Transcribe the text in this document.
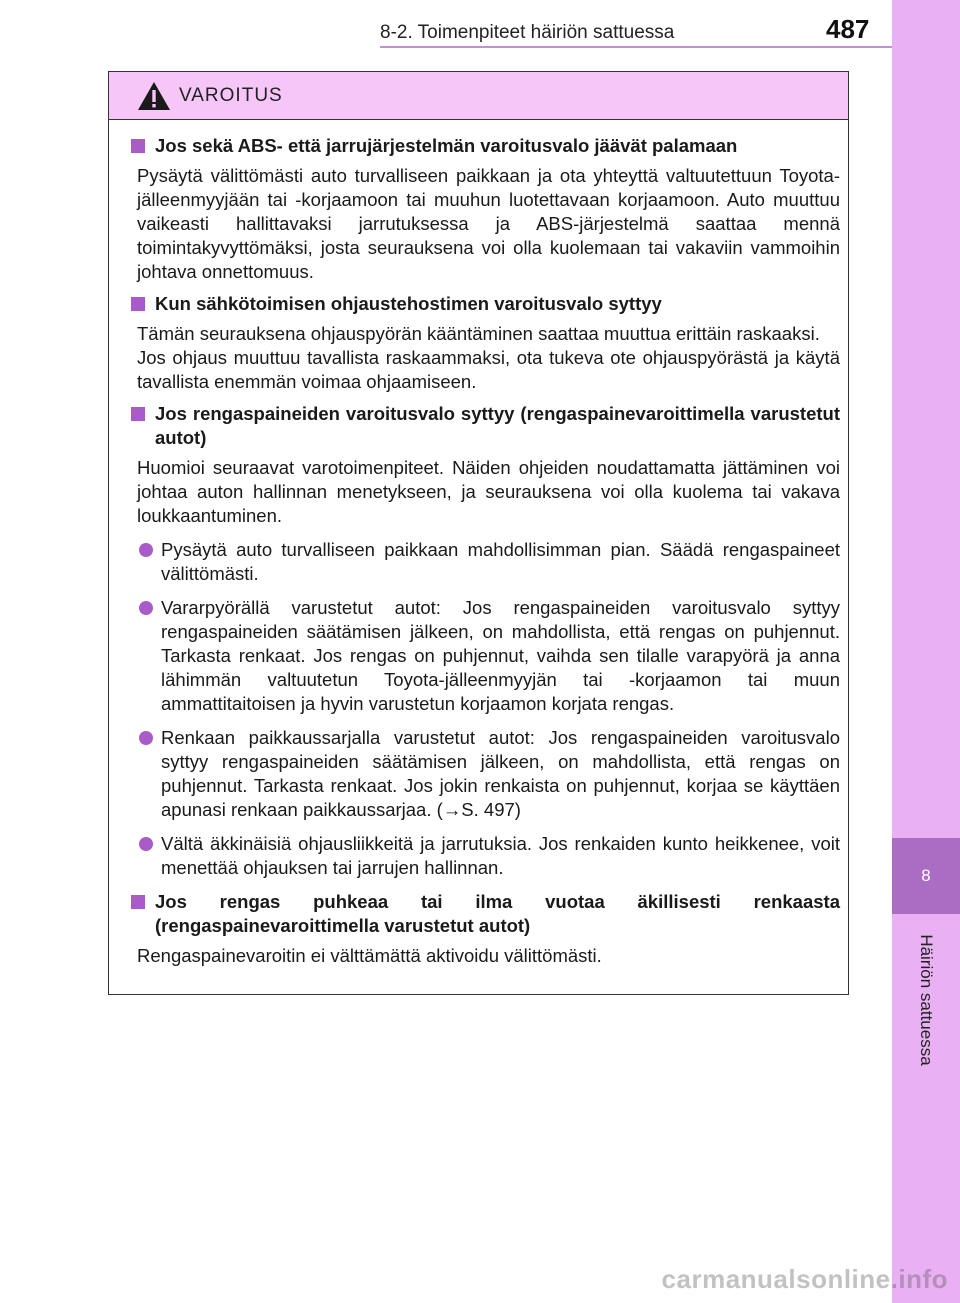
8
Häiriön sattuessa
8-2. Toimenpiteet häiriön sattuessa	487
VAROITUS
Jos sekä ABS- että jarrujärjestelmän varoitusvalo jäävät palamaan
Pysäytä välittömästi auto turvalliseen paikkaan ja ota yhteyttä valtuutettuun Toyota-jälleenmyyjään tai -korjaamoon tai muuhun luotettavaan korjaamoon. Auto muuttuu vaikeasti hallittavaksi jarrutuksessa ja ABS-järjestelmä saattaa mennä toimintakyvyttömäksi, josta seurauksena voi olla kuolemaan tai vakaviin vammoihin johtava onnettomuus.
Kun sähkötoimisen ohjaustehostimen varoitusvalo syttyy
Tämän seurauksena ohjauspyörän kääntäminen saattaa muuttua erittäin raskaaksi.
Jos ohjaus muuttuu tavallista raskaammaksi, ota tukeva ote ohjauspyörästä ja käytä tavallista enemmän voimaa ohjaamiseen.
Jos rengaspaineiden varoitusvalo syttyy (rengaspainevaroittimella varustetut autot)
Huomioi seuraavat varotoimenpiteet. Näiden ohjeiden noudattamatta jättäminen voi johtaa auton hallinnan menetykseen, ja seurauksena voi olla kuolema tai vakava loukkaantuminen.
Pysäytä auto turvalliseen paikkaan mahdollisimman pian. Säädä rengaspaineet välittömästi.
Vararpyörällä varustetut autot: Jos rengaspaineiden varoitusvalo syttyy rengaspaineiden säätämisen jälkeen, on mahdollista, että rengas on puhjennut. Tarkasta renkaat. Jos rengas on puhjennut, vaihda sen tilalle varapyörä ja anna lähimmän valtuutetun Toyota-jälleenmyyjän tai -korjaamon tai muun ammattitaitoisen ja hyvin varustetun korjaamon korjata rengas.
Renkaan paikkaussarjalla varustetut autot: Jos rengaspaineiden varoitusvalo syttyy rengaspaineiden säätämisen jälkeen, on mahdollista, että rengas on puhjennut. Tarkasta renkaat. Jos jokin renkaista on puhjennut, korjaa se käyttäen apunasi renkaan paikkaussarjaa. (→S. 497)
Vältä äkkinäisiä ohjausliikkeitä ja jarrutuksia. Jos renkaiden kunto heikkenee, voit menettää ohjauksen tai jarrujen hallinnan.
Jos rengas puhkeaa tai ilma vuotaa äkillisesti renkaasta (rengaspainevaroittimella varustetut autot)
Rengaspainevaroitin ei välttämättä aktivoidu välittömästi.
carmanualsonline.info
